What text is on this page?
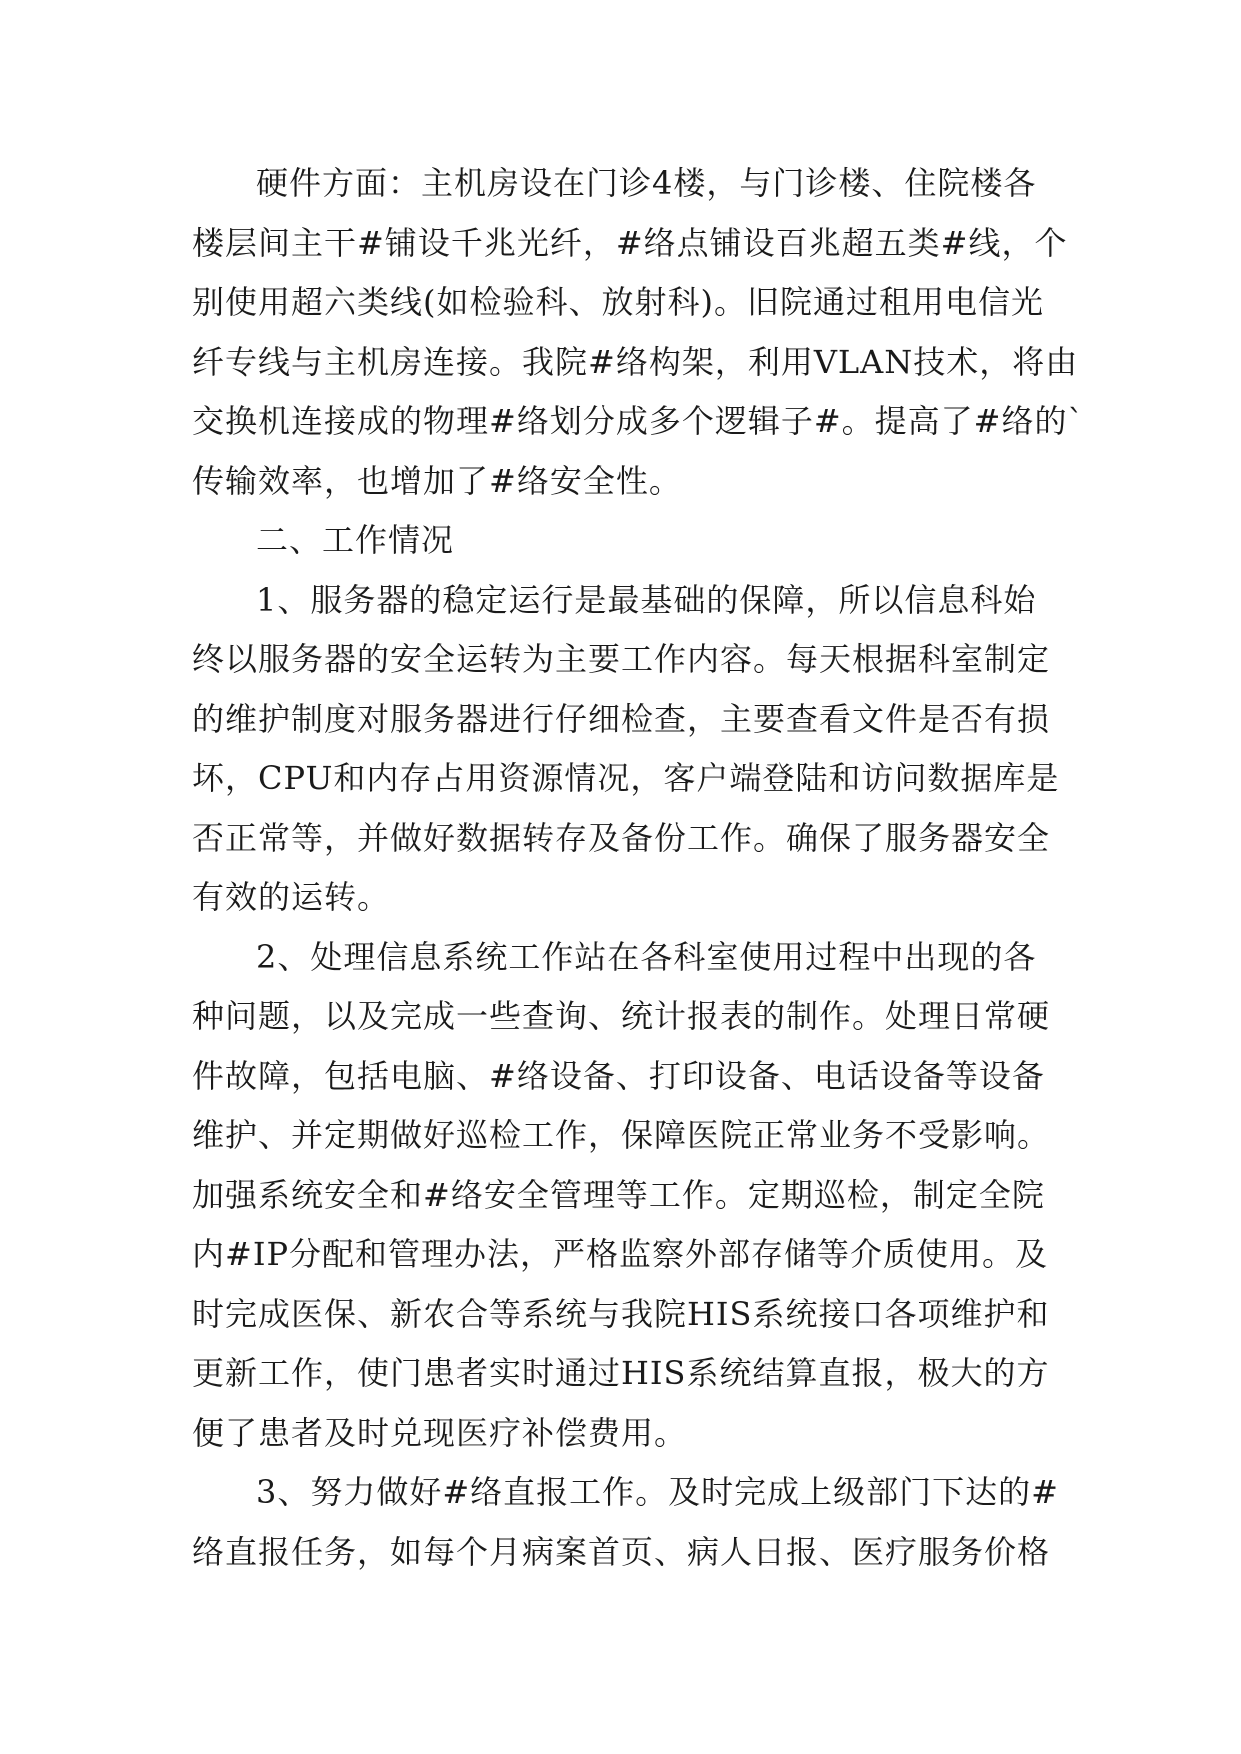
硬件方面：主机房设在门诊4楼，与门诊楼、住院楼各
楼层间主干#铺设千兆光纤，#络点铺设百兆超五类#线，个
别使用超六类线(如检验科、放射科)。旧院通过租用电信光
纤专线与主机房连接。我院#络构架，利用VLAN技术，将由
交换机连接成的物理#络划分成多个逻辑子#。提高了#络的`
传输效率，也增加了#络安全性。
二、工作情况
1、服务器的稳定运行是最基础的保障，所以信息科始
终以服务器的安全运转为主要工作内容。每天根据科室制定
的维护制度对服务器进行仔细检查，主要查看文件是否有损
坏，CPU和内存占用资源情况，客户端登陆和访问数据库是
否正常等，并做好数据转存及备份工作。确保了服务器安全
有效的运转。
2、处理信息系统工作站在各科室使用过程中出现的各
种问题，以及完成一些查询、统计报表的制作。处理日常硬
件故障，包括电脑、#络设备、打印设备、电话设备等设备
维护、并定期做好巡检工作，保障医院正常业务不受影响。
加强系统安全和#络安全管理等工作。定期巡检，制定全院
内#IP分配和管理办法，严格监察外部存储等介质使用。及
时完成医保、新农合等系统与我院HIS系统接口各项维护和
更新工作，使门患者实时通过HIS系统结算直报，极大的方
便了患者及时兑现医疗补偿费用。
3、努力做好#络直报工作。及时完成上级部门下达的#
络直报任务，如每个月病案首页、病人日报、医疗服务价格
